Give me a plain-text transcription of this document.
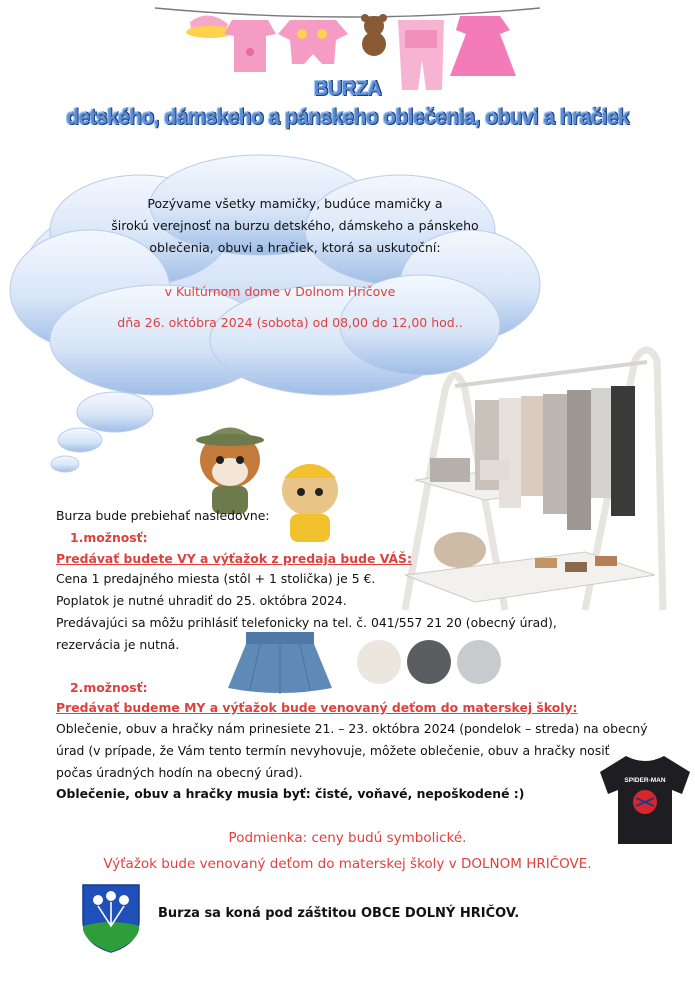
BURZA
detského, dámskeho a pánskeho oblečenia, obuvi a hračiek
Pozývame všetky mamičky, budúce mamičky a
širokú verejnosť na burzu detského, dámskeho a pánskeho
oblečenia, obuvi a hračiek, ktorá sa uskutoční:
v Kultúrnom dome v Dolnom Hričove
dňa 26. októbra 2024 (sobota) od 08,00 do 12,00 hod..
Burza bude prebiehať nasledovne:
1.možnosť:
Predávať budete VY a výťažok z predaja bude VÁŠ:
Cena 1 predajného miesta (stôl + 1 stolička) je 5 €.
Poplatok je nutné uhradiť do 25. októbra 2024.
Predávajúci sa môžu prihlásiť telefonicky na tel. č. 041/557 21 20 (obecný úrad),
rezervácia je nutná.
2.možnosť:
Predávať budeme MY a výťažok bude venovaný deťom do materskej školy:
Oblečenie, obuv a hračky nám prinesiete 21. – 23. októbra 2024 (pondelok – streda) na obecný
úrad (v prípade, že Vám tento termín nevyhovuje, môžete oblečenie, obuv a hračky nosiť
počas úradných hodín na obecný úrad).
Oblečenie, obuv a hračky musia byť: čisté, voňavé, nepoškodené :)
SPIDER-MAN
Podmienka: ceny budú symbolické.
Výťažok bude venovaný deťom do materskej školy v DOLNOM HRIČOVE.
Burza sa koná pod záštitou OBCE DOLNÝ HRIČOV.
